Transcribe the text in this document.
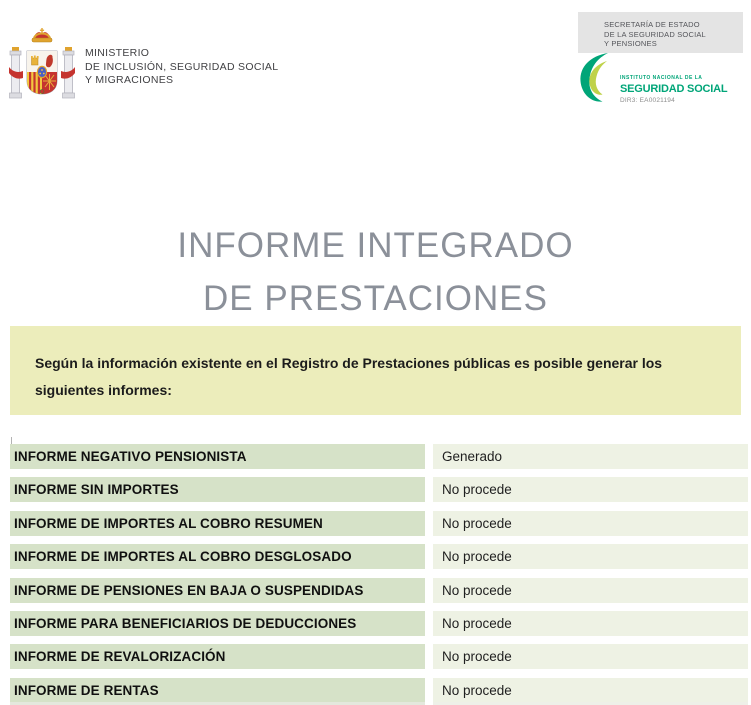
MINISTERIO
DE INCLUSIÓN, SEGURIDAD SOCIAL
Y MIGRACIONES
SECRETARÍA DE ESTADO
DE LA SEGURIDAD SOCIAL
Y PENSIONES
INSTITUTO NACIONAL DE LA
SEGURIDAD SOCIAL
DIR3: EA0021194
INFORME INTEGRADO
DE PRESTACIONES
Según la información existente en el Registro de Prestaciones públicas es posible generar los siguientes informes:
INFORME NEGATIVO PENSIONISTA	Generado
INFORME SIN IMPORTES	No procede
INFORME DE IMPORTES AL COBRO RESUMEN	No procede
INFORME DE IMPORTES AL COBRO DESGLOSADO	No procede
INFORME DE PENSIONES EN BAJA O SUSPENDIDAS	No procede
INFORME PARA BENEFICIARIOS DE DEDUCCIONES	No procede
INFORME DE REVALORIZACIÓN	No procede
INFORME DE RENTAS	No procede
